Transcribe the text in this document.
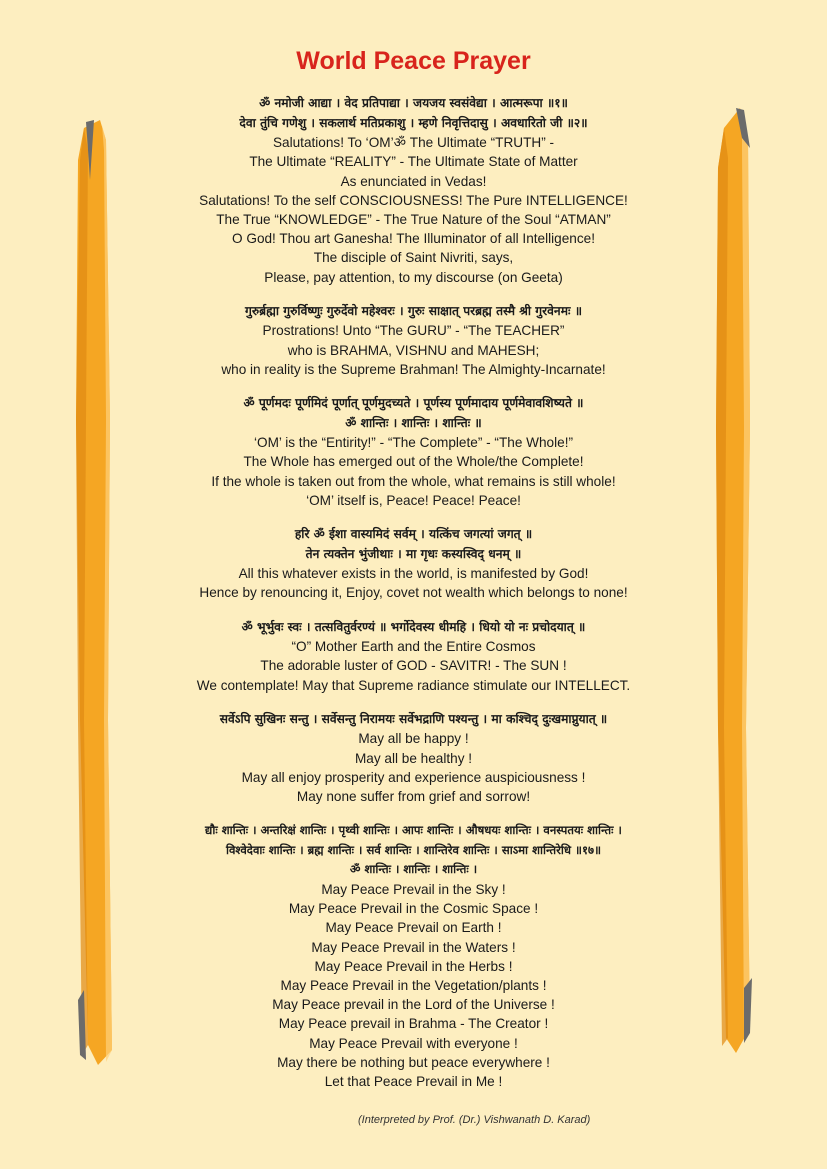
World Peace Prayer
ॐ नमोजी आद्या । वेद प्रतिपाद्या । जयजय स्वसंवेद्या । आत्मरूपा ॥१॥
देवा तुंचि गणेशु । सकलार्थ मतिप्रकाशु । म्हणे निवृत्तिदासु । अवधारितो जी ॥२॥
Salutations! To ‘OM’ॐ The Ultimate “TRUTH” -
The Ultimate “REALITY” - The Ultimate State of Matter
As enunciated in Vedas!
Salutations! To the self CONSCIOUSNESS! The Pure INTELLIGENCE!
The True “KNOWLEDGE” - The True Nature of the Soul “ATMAN”
O God! Thou art Ganesha! The Illuminator of all Intelligence!
The disciple of Saint Nivriti, says,
Please, pay attention, to my discourse (on Geeta)
गुरुर्ब्रह्मा गुरुर्विष्णुः गुरुर्देवो महेश्वरः । गुरुः साक्षात् परब्रह्म तस्मै श्री गुरवेनमः ॥
Prostrations! Unto “The GURU” - “The TEACHER”
who is BRAHMA, VISHNU and MAHESH;
who in reality is the Supreme Brahman! The Almighty-Incarnate!
ॐ पूर्णमदः पूर्णमिदं पूर्णात् पूर्णमुदच्यते । पूर्णस्य पूर्णमादाय पूर्णमेवावशिष्यते ॥
ॐ शान्तिः । शान्तिः । शान्तिः ॥
‘OM’ is the “Entirity!” - “The Complete” - “The Whole!”
The Whole has emerged out of the Whole/the Complete!
If the whole is taken out from the whole, what remains is still whole!
‘OM’ itself is, Peace! Peace! Peace!
हरि ॐ ईशा वास्यमिदं सर्वम् । यत्किंच जगत्यां जगत् ॥
तेन त्यक्तेन भुंजीथाः । मा गृधः कस्यस्विद् धनम् ॥
All this whatever exists in the world, is manifested by God!
Hence by renouncing it, Enjoy, covet not wealth which belongs to none!
ॐ भूर्भुवः स्वः । तत्सवितुर्वरण्यं ॥ भर्गोदेवस्य धीमहि । धियो यो नः प्रचोदयात् ॥
“O” Mother Earth and the Entire Cosmos
The adorable luster of GOD - SAVITR! - The SUN !
We contemplate! May that Supreme radiance stimulate our INTELLECT.
सर्वेऽपि सुखिनः सन्तु । सर्वेसन्तु निरामयः सर्वेभद्राणि पश्यन्तु । मा कश्चिद् दुःखमाप्नुयात् ॥
May all be happy !
May all be healthy !
May all enjoy prosperity and experience auspiciousness !
May none suffer from grief and sorrow!
द्यौः शान्तिः । अन्तरिक्षं शान्तिः । पृथ्वी शान्तिः । आपः शान्तिः । औषधयः शान्तिः । वनस्पतयः शान्तिः ।
विश्वेदेवाः शान्तिः । ब्रह्म शान्तिः । सर्व शान्तिः । शान्तिरेव शान्तिः । साऽमा शान्तिरेधि ॥१७॥
ॐ शान्तिः । शान्तिः । शान्तिः ।
May Peace Prevail in the Sky !
May Peace Prevail in the Cosmic Space !
May Peace Prevail on Earth !
May Peace Prevail in the Waters !
May Peace Prevail in the Herbs !
May Peace Prevail in the Vegetation/plants !
May Peace prevail in the Lord of the Universe !
May Peace prevail in Brahma - The Creator !
May Peace Prevail with everyone !
May there be nothing but peace everywhere !
Let that Peace Prevail in Me !
(Interpreted by Prof. (Dr.) Vishwanath D. Karad)
